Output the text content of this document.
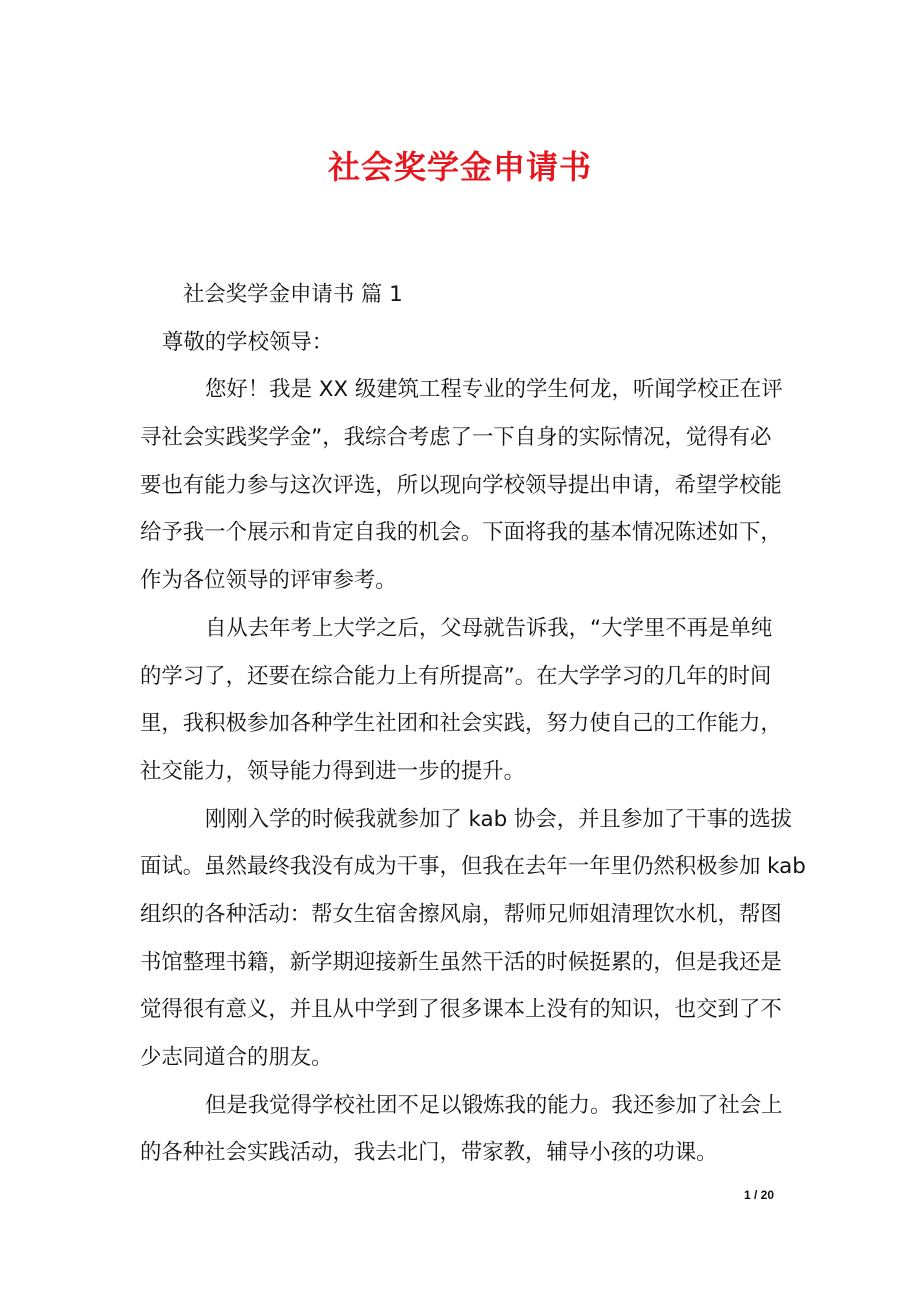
社会奖学金申请书
社会奖学金申请书 篇 1
尊敬的学校领导：
您好！我是 XX 级建筑工程专业的学生何龙，听闻学校正在评
寻社会实践奖学金”，我综合考虑了一下自身的实际情况，觉得有必
要也有能力参与这次评选，所以现向学校领导提出申请，希望学校能
给予我一个展示和肯定自我的机会。下面将我的基本情况陈述如下，
作为各位领导的评审参考。
自从去年考上大学之后，父母就告诉我，“大学里不再是单纯
的学习了，还要在综合能力上有所提高”。在大学学习的几年的时间
里，我积极参加各种学生社团和社会实践，努力使自己的工作能力，
社交能力，领导能力得到进一步的提升。
刚刚入学的时候我就参加了 kab 协会，并且参加了干事的选拔
面试。虽然最终我没有成为干事，但我在去年一年里仍然积极参加 kab
组织的各种活动：帮女生宿舍擦风扇，帮师兄师姐清理饮水机，帮图
书馆整理书籍，新学期迎接新生虽然干活的时候挺累的，但是我还是
觉得很有意义，并且从中学到了很多课本上没有的知识，也交到了不
少志同道合的朋友。
但是我觉得学校社团不足以锻炼我的能力。我还参加了社会上
的各种社会实践活动，我去北门，带家教，辅导小孩的功课。
1 / 20
